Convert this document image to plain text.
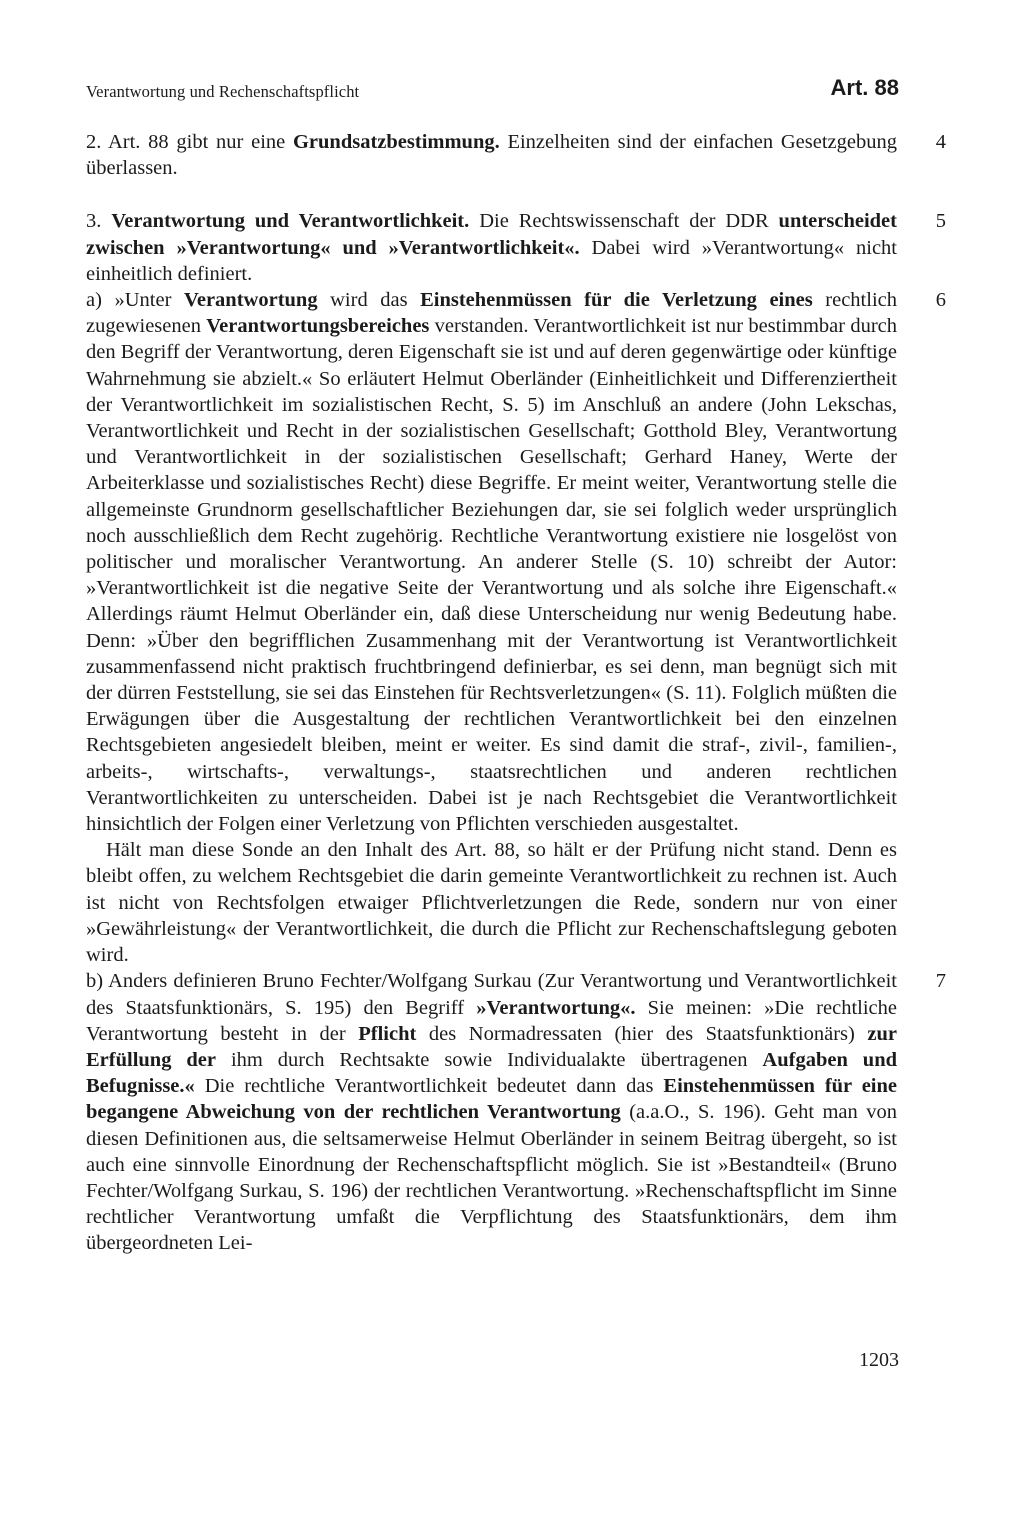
Verantwortung und Rechenschaftspflicht	Art. 88

4
2. Art. 88 gibt nur eine Grundsatzbestimmung. Einzelheiten sind der einfachen Gesetzgebung überlassen.

5
3. Verantwortung und Verantwortlichkeit. Die Rechtswissenschaft der DDR unterscheidet zwischen »Verantwortung« und »Verantwortlichkeit«. Dabei wird »Verantwortung« nicht einheitlich definiert.

6
a) »Unter Verantwortung wird das Einstehenmüssen für die Verletzung eines rechtlich zugewiesenen Verantwortungsbereiches verstanden. Verantwortlichkeit ist nur bestimmbar durch den Begriff der Verantwortung, deren Eigenschaft sie ist und auf deren gegenwärtige oder künftige Wahrnehmung sie abzielt.« So erläutert Helmut Oberländer (Einheitlichkeit und Differenziertheit der Verantwortlichkeit im sozialistischen Recht, S. 5) im Anschluß an andere (John Lekschas, Verantwortlichkeit und Recht in der sozialistischen Gesellschaft; Gotthold Bley, Verantwortung und Verantwortlichkeit in der sozialistischen Gesellschaft; Gerhard Haney, Werte der Arbeiterklasse und sozialistisches Recht) diese Begriffe. Er meint weiter, Verantwortung stelle die allgemeinste Grundnorm gesellschaftlicher Beziehungen dar, sie sei folglich weder ursprünglich noch ausschließlich dem Recht zugehörig. Rechtliche Verantwortung existiere nie losgelöst von politischer und moralischer Verantwortung. An anderer Stelle (S. 10) schreibt der Autor: »Verantwortlichkeit ist die negative Seite der Verantwortung und als solche ihre Eigenschaft.« Allerdings räumt Helmut Oberländer ein, daß diese Unterscheidung nur wenig Bedeutung habe. Denn: »Über den begrifflichen Zusammenhang mit der Verantwortung ist Verantwortlichkeit zusammenfassend nicht praktisch fruchtbringend definierbar, es sei denn, man begnügt sich mit der dürren Feststellung, sie sei das Einstehen für Rechtsverletzungen« (S. 11). Folglich müßten die Erwägungen über die Ausgestaltung der rechtlichen Verantwortlichkeit bei den einzelnen Rechtsgebieten angesiedelt bleiben, meint er weiter. Es sind damit die straf-, zivil-, familien-, arbeits-, wirtschafts-, verwaltungs-, staatsrechtlichen und anderen rechtlichen Verantwortlichkeiten zu unterscheiden. Dabei ist je nach Rechtsgebiet die Verantwortlichkeit hinsichtlich der Folgen einer Verletzung von Pflichten verschieden ausgestaltet.

Hält man diese Sonde an den Inhalt des Art. 88, so hält er der Prüfung nicht stand. Denn es bleibt offen, zu welchem Rechtsgebiet die darin gemeinte Verantwortlichkeit zu rechnen ist. Auch ist nicht von Rechtsfolgen etwaiger Pflichtverletzungen die Rede, sondern nur von einer »Gewährleistung« der Verantwortlichkeit, die durch die Pflicht zur Rechenschaftslegung geboten wird.

7
b) Anders definieren Bruno Fechter/Wolfgang Surkau (Zur Verantwortung und Verantwortlichkeit des Staatsfunktionärs, S. 195) den Begriff »Verantwortung«. Sie meinen: »Die rechtliche Verantwortung besteht in der Pflicht des Normadressaten (hier des Staatsfunktionärs) zur Erfüllung der ihm durch Rechtsakte sowie Individualakte übertragenen Aufgaben und Befugnisse.« Die rechtliche Verantwortlichkeit bedeutet dann das Einstehenmüssen für eine begangene Abweichung von der rechtlichen Verantwortung (a.a.O., S. 196). Geht man von diesen Definitionen aus, die seltsamerweise Helmut Oberländer in seinem Beitrag übergeht, so ist auch eine sinnvolle Einordnung der Rechenschaftspflicht möglich. Sie ist »Bestandteil« (Bruno Fechter/Wolfgang Surkau, S. 196) der rechtlichen Verantwortung. »Rechenschaftspflicht im Sinne rechtlicher Verantwortung umfaßt die Verpflichtung des Staatsfunktionärs, dem ihm übergeordneten Lei-

1203
